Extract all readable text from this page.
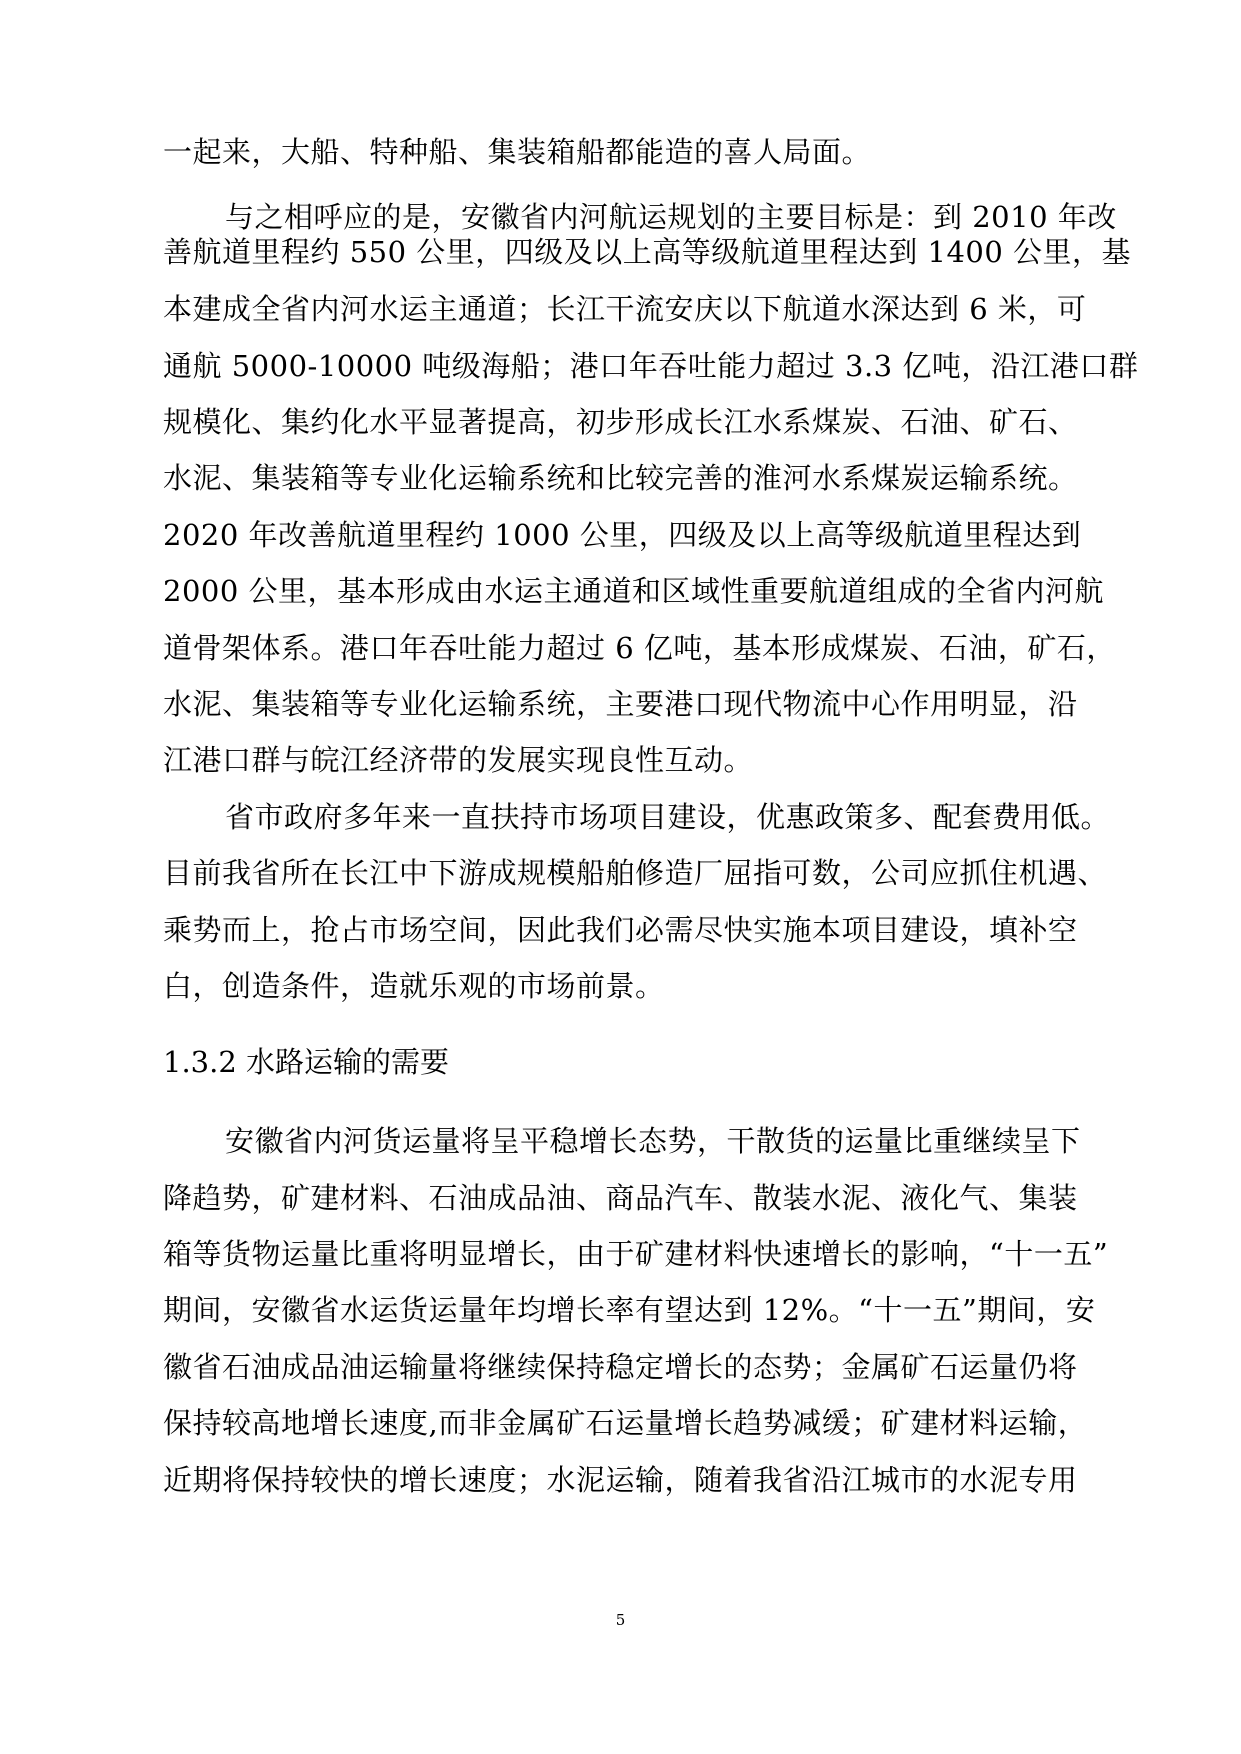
一起来，大船、特种船、集装箱船都能造的喜人局面。
与之相呼应的是，安徽省内河航运规划的主要目标是：到 2010 年改
善航道里程约 550 公里，四级及以上高等级航道里程达到 1400 公里，基
本建成全省内河水运主通道；长江干流安庆以下航道水深达到 6 米，可
通航 5000-10000 吨级海船；港口年吞吐能力超过 3.3 亿吨，沿江港口群
规模化、集约化水平显著提高，初步形成长江水系煤炭、石油、矿石、
水泥、集装箱等专业化运输系统和比较完善的淮河水系煤炭运输系统。
2020 年改善航道里程约 1000 公里，四级及以上高等级航道里程达到
2000 公里，基本形成由水运主通道和区域性重要航道组成的全省内河航
道骨架体系。港口年吞吐能力超过 6 亿吨，基本形成煤炭、石油，矿石，
水泥、集装箱等专业化运输系统，主要港口现代物流中心作用明显，沿
江港口群与皖江经济带的发展实现良性互动。
省市政府多年来一直扶持市场项目建设，优惠政策多、配套费用低。
目前我省所在长江中下游成规模船舶修造厂屈指可数，公司应抓住机遇、
乘势而上，抢占市场空间，因此我们必需尽快实施本项目建设，填补空
白，创造条件，造就乐观的市场前景。
1.3.2 水路运输的需要
安徽省内河货运量将呈平稳增长态势，干散货的运量比重继续呈下
降趋势，矿建材料、石油成品油、商品汽车、散装水泥、液化气、集装
箱等货物运量比重将明显增长，由于矿建材料快速增长的影响，“十一五”
期间，安徽省水运货运量年均增长率有望达到 12%。“十一五”期间，安
徽省石油成品油运输量将继续保持稳定增长的态势；金属矿石运量仍将
保持较高地增长速度,而非金属矿石运量增长趋势减缓；矿建材料运输，
近期将保持较快的增长速度；水泥运输，随着我省沿江城市的水泥专用
5
